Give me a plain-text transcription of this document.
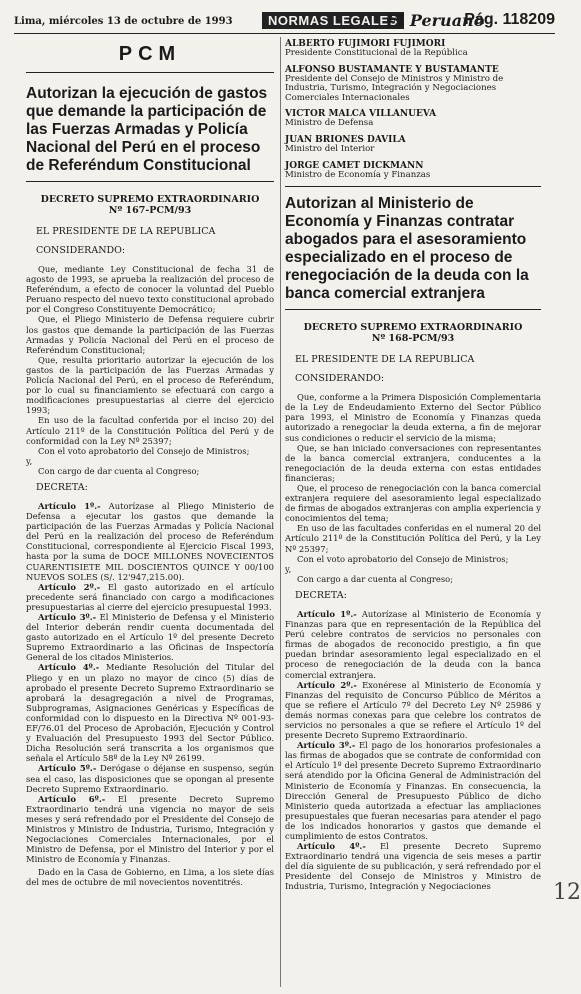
Lima, miércoles 13 de octubre de 1993	NORMAS LEGALES
El Peruano
Pág. 118209
PCM
Autorizan la ejecución de gastos que demande la participación de las Fuerzas Armadas y Policía Nacional del Perú en el proceso de Referéndum Constitucional
DECRETO SUPREMO EXTRAORDINARIO
Nº 167-PCM/93
EL PRESIDENTE DE LA REPUBLICA
CONSIDERANDO:

Que, mediante Ley Constitucional de fecha 31 de agosto de 1993, se aprueba la realización del proceso de Referéndum, a efecto de conocer la voluntad del Pueblo Peruano respecto del nuevo texto constitucional aprobado por el Congreso Constituyente Democrático;

Que, el Pliego Ministerio de Defensa requiere cubrir los gastos que demande la participación de las Fuerzas Armadas y Policía Nacional del Perú en el proceso de Referéndum Constitucional;

Que, resulta prioritario autorizar la ejecución de los gastos de la participación de las Fuerzas Armadas y Policía Nacional del Perú, en el proceso de Referéndum, por lo cual su financiamiento se efectuará con cargo a modificaciones presupuestarias al cierre del ejercicio 1993;

En uso de la facultad conferida por el inciso 20) del Artículo 211º de la Constitución Política del Perú y de conformidad con la Ley Nº 25397;

Con el voto aprobatorio del Consejo de Ministros;

y,

Con cargo de dar cuenta al Congreso;

DECRETA:

Artículo 1º.- Autorízase al Pliego Ministerio de Defensa a ejecutar los gastos que demande la participación de las Fuerzas Armadas y Policía Nacional del Perú en la realización del proceso de Referéndum Constitucional, correspondiente al Ejercicio Fiscal 1993, hasta por la suma de DOCE MILLONES NOVECIENTOS CUARENTISIETE MIL DOSCIENTOS QUINCE Y 00/100 NUEVOS SOLES (S/. 12'947,215.00).

Artículo 2º.- El gasto autorizado en el artículo precedente será financiado con cargo a modificaciones presupuestarias al cierre del ejercicio presupuestal 1993.

Artículo 3º.- El Ministerio de Defensa y el Ministerio del Interior deberán rendir cuenta documentada del gasto autorizado en el Artículo 1º del presente Decreto Supremo Extraordinario a las Oficinas de Inspectoría General de los citados Ministerios.

Artículo 4º.- Mediante Resolución del Titular del Pliego y en un plazo no mayor de cinco (5) días de aprobado el presente Decreto Supremo Extraordinario se aprobará la desagregación a nivel de Programas, Subprogramas, Asignaciones Genéricas y Específicas de conformidad con lo dispuesto en la Directiva Nº 001-93-EF/76.01 del Proceso de Aprobación, Ejecución y Control y Evaluación del Presupuesto 1993 del Sector Público. Dicha Resolución será transcrita a los organismos que señala el Artículo 58º de la Ley Nº 26199.

Artículo 5º.- Derógase o déjanse en suspenso, según sea el caso, las disposiciones que se opongan al presente Decreto Supremo Extraordinario.

Artículo 6º.- El presente Decreto Supremo Extraordinario tendrá una vigencia no mayor de seis meses y será refrendado por el Presidente del Consejo de Ministros y Ministro de Industria, Turismo, Integración y Negociaciones Comerciales Internacionales, por el Ministro de Defensa, por el Ministro del Interior y por el Ministro de Economía y Finanzas.

Dado en la Casa de Gobierno, en Lima, a los siete días del mes de octubre de mil novecientos noventitrés.

ALBERTO FUJIMORI FUJIMORI
Presidente Constitucional de la República
ALFONSO BUSTAMANTE Y BUSTAMANTE
Presidente del Consejo de Ministros y Ministro de Industria, Turismo, Integración y Negociaciones Comerciales Internacionales
VICTOR MALCA VILLANUEVA
Ministro de Defensa
JUAN BRIONES DAVILA
Ministro del Interior
JORGE CAMET DICKMANN
Ministro de Economía y Finanzas
Autorizan al Ministerio de Economía y Finanzas contratar abogados para el asesoramiento especializado en el proceso de renegociación de la deuda con la banca comercial extranjera
DECRETO SUPREMO EXTRAORDINARIO
Nº 168-PCM/93
EL PRESIDENTE DE LA REPUBLICA
CONSIDERANDO:

Que, conforme a la Primera Disposición Complementaria de la Ley de Endeudamiento Externo del Sector Público para 1993, el Ministro de Economía y Finanzas queda autorizado a renegociar la deuda externa, a fin de mejorar sus condiciones o reducir el servicio de la misma;

Que, se han iniciado conversaciones con representantes de la banca comercial extranjera, conducentes a la renegociación de la deuda externa con estas entidades financieras;

Que, el proceso de renegociación con la banca comercial extranjera requiere del asesoramiento legal especializado de firmas de abogados extranjeras con amplia experiencia y conocimientos del tema;

En uso de las facultades conferidas en el numeral 20 del Artículo 211º de la Constitución Política del Perú, y la Ley Nº 25397;

Con el voto aprobatorio del Consejo de Ministros;

y,

Con cargo a dar cuenta al Congreso;

DECRETA:

Artículo 1º.- Autorízase al Ministerio de Economía y Finanzas para que en representación de la República del Perú celebre contratos de servicios no personales con firmas de abogados de reconocido prestigio, a fin que puedan brindar asesoramiento legal especializado en el proceso de renegociación de la deuda con la banca comercial extranjera.

Artículo 2º.- Exonérese al Ministerio de Economía y Finanzas del requisito de Concurso Público de Méritos a que se refiere el Artículo 7º del Decreto Ley Nº 25986 y demás normas conexas para que celebre los contratos de servicios no personales a que se refiere el Artículo 1º del presente Decreto Supremo Extraordinario.

Artículo 3º.- El pago de los honorarios profesionales a las firmas de abogados que se contrate de conformidad con el Artículo 1º del presente Decreto Supremo Extraordinario será atendido por la Oficina General de Administración del Ministerio de Economía y Finanzas. En consecuencia, la Dirección General de Presupuesto Público de dicho Ministerio queda autorizada a efectuar las ampliaciones presupuestales que fueran necesarias para atender el pago de los indicados honorarios y gastos que demande el cumplimiento de estos Contratos.

Artículo 4º.- El presente Decreto Supremo Extraordinario tendrá una vigencia de seis meses a partir del día siguiente de su publicación, y será refrendado por el Presidente del Consejo de Ministros y Ministro de Industria, Turismo, Integración y Negociaciones	12
